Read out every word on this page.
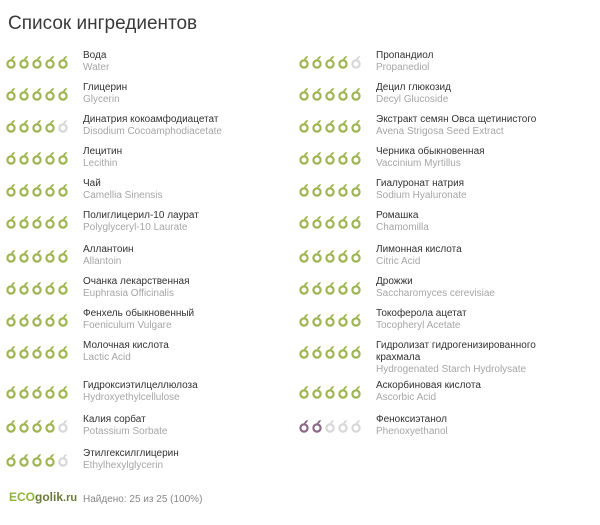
Список ингредиентов
Вода
Water
Глицерин
Glycerin
Динатрия кокоамфодиацетат
Disodium Cocoamphodiacetate
Лецитин
Lecithin
Чай
Camellia Sinensis
Полиглицерил-10 лаурат
Polyglyceryl-10 Laurate
Аллантоин
Allantoin
Очанка лекарственная
Euphrasia Officinalis
Фенхель обыкновенный
Foeniculum Vulgare
Молочная кислота
Lactic Acid
Гидроксиэтилцеллюлоза
Hydroxyethylcellulose
Калия сорбат
Potassium Sorbate
Этилгексилглицерин
Ethylhexylglycerin
Пропандиол
Propanediol
Децил глюкозид
Decyl Glucoside
Экстракт семян Овса щетинистого
Avena Strigosa Seed Extract
Черника обыкновенная
Vaccinium Myrtillus
Гиалуронат натрия
Sodium Hyaluronate
Ромашка
Chamomilla
Лимонная кислота
Citric Acid
Дрожжи
Saccharomyces cerevisiae
Токоферола ацетат
Tocopheryl Acetate
Гидролизат гидрогенизированного крахмала
Hydrogenated Starch Hydrolysate
Аскорбиновая кислота
Ascorbic Acid
Феноксиэтанол
Phenoxyethanol
ECOgolik.ru Найдено: 25 из 25 (100%)
